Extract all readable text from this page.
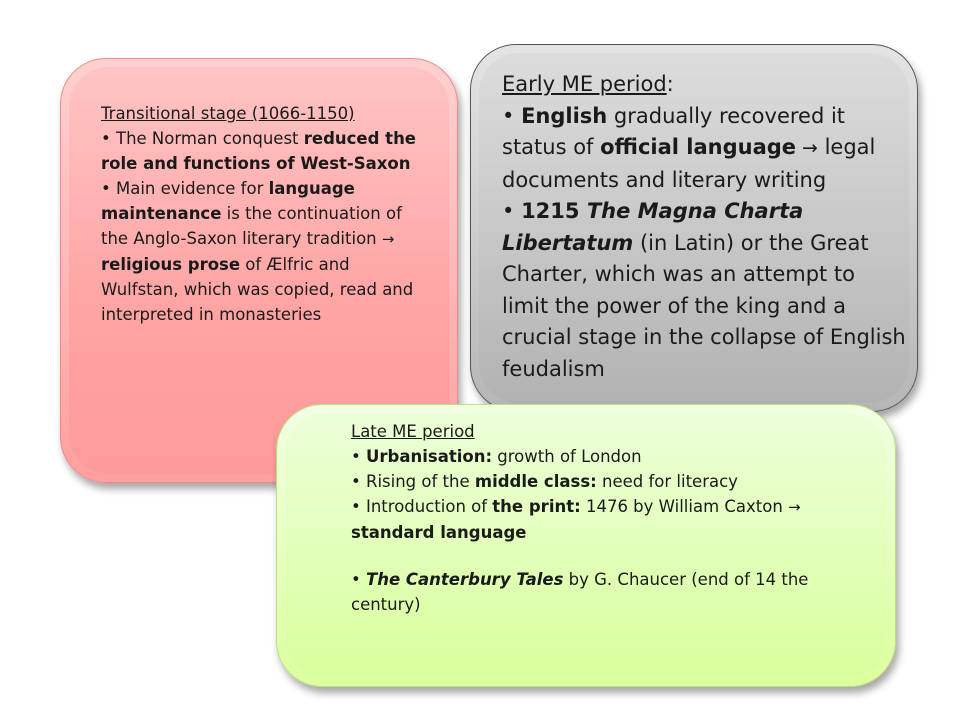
Transitional stage (1066-1150)
• The Norman conquest reduced the role and functions of West-Saxon
• Main evidence for language maintenance is the continuation of the Anglo-Saxon literary tradition → religious prose of Ælfric and Wulfstan, which was copied, read and interpreted in monasteries
Early ME period:
• English gradually recovered it status of official language → legal documents and literary writing
• 1215 The Magna Charta Libertatum (in Latin) or the Great Charter, which was an attempt to limit the power of the king and a crucial stage in the collapse of English feudalism
Late ME period
• Urbanisation: growth of London
• Rising of the middle class: need for literacy
• Introduction of the print: 1476 by William Caxton → standard language
• The Canterbury Tales by G. Chaucer (end of 14 the century)
